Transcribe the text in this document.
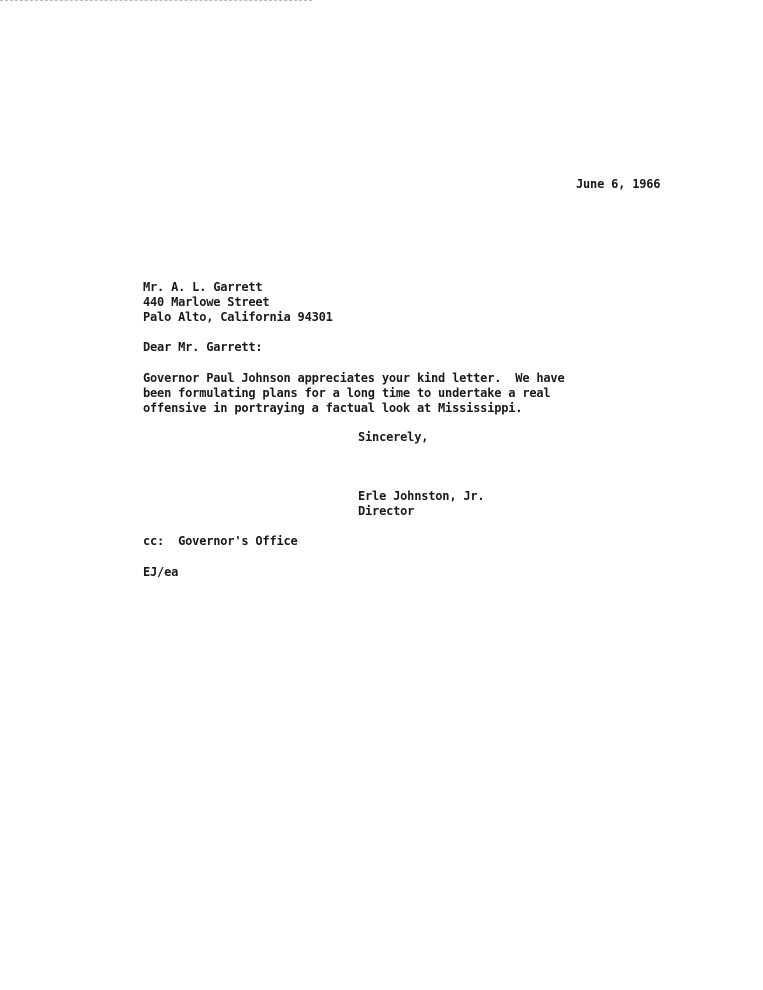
June 6, 1966
Mr. A. L. Garrett
440 Marlowe Street
Palo Alto, California 94301
Dear Mr. Garrett:
Governor Paul Johnson appreciates your kind letter.  We have
been formulating plans for a long time to undertake a real
offensive in portraying a factual look at Mississippi.
Sincerely,
Erle Johnston, Jr.
Director
cc:  Governor's Office
EJ/ea
